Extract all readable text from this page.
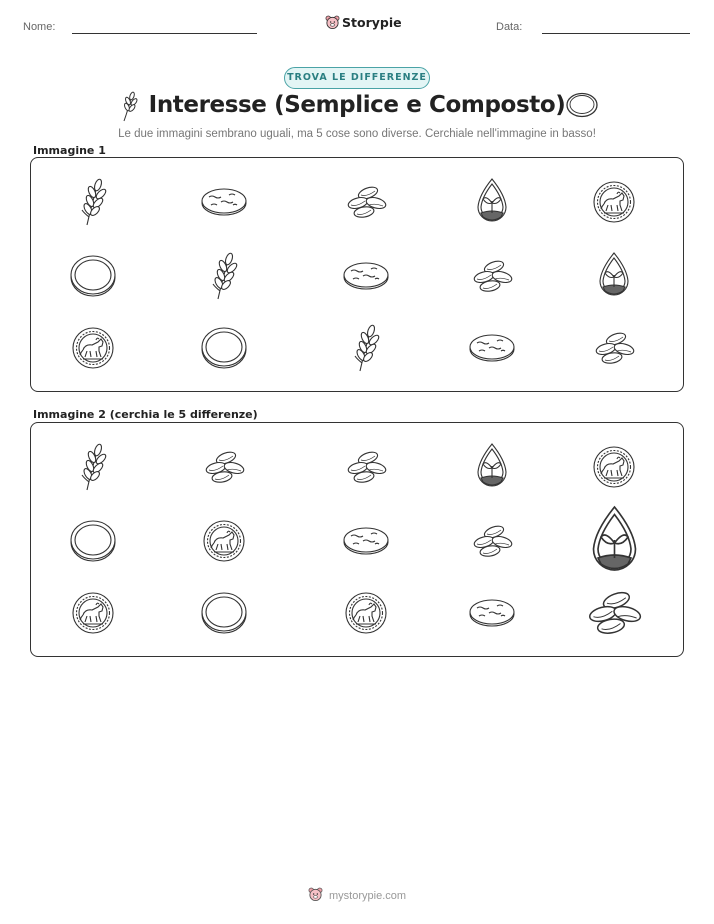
Nome:	Storypie	Data:
TROVA LE DIFFERENZE
Interesse (Semplice e Composto)
Le due immagini sembrano uguali, ma 5 cose sono diverse. Cerchiale nell'immagine in basso!
Immagine 1
Immagine 2 (cerchia le 5 differenze)
mystorypie.com
